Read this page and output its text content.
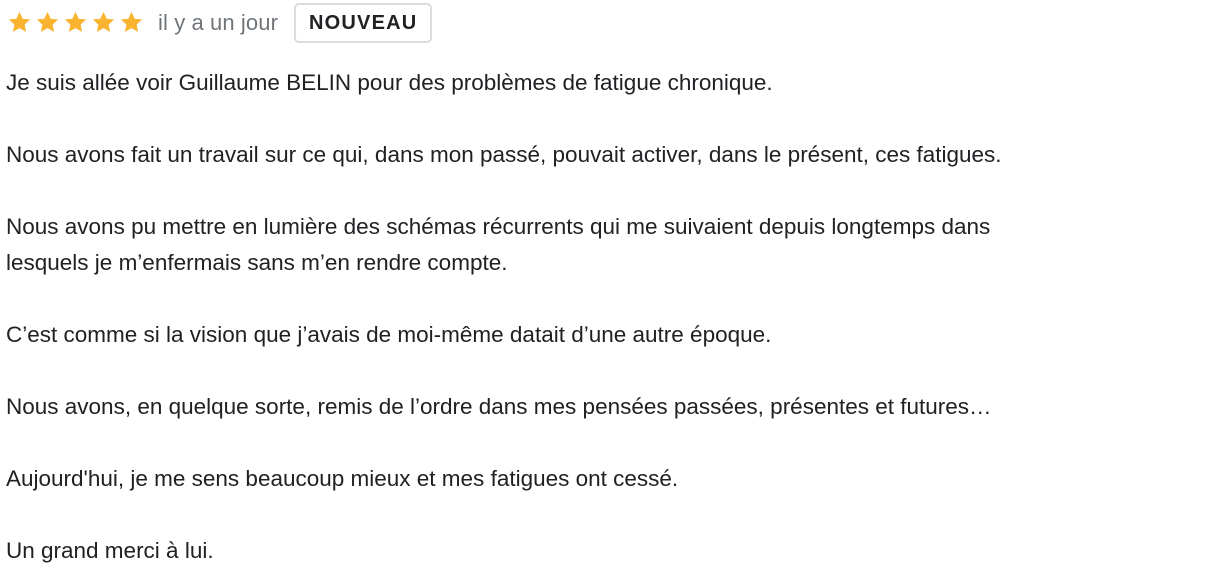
il y a un jour	NOUVEAU

Je suis allée voir Guillaume BELIN pour des problèmes de fatigue chronique.

Nous avons fait un travail sur ce qui, dans mon passé, pouvait activer, dans le présent, ces fatigues.

Nous avons pu mettre en lumière des schémas récurrents qui me suivaient depuis longtemps dans
lesquels je m’enfermais sans m’en rendre compte.

C’est comme si la vision que j’avais de moi-même datait d’une autre époque.

Nous avons, en quelque sorte, remis de l’ordre dans mes pensées passées, présentes et futures…

Aujourd'hui, je me sens beaucoup mieux et mes fatigues ont cessé.

Un grand merci à lui.
